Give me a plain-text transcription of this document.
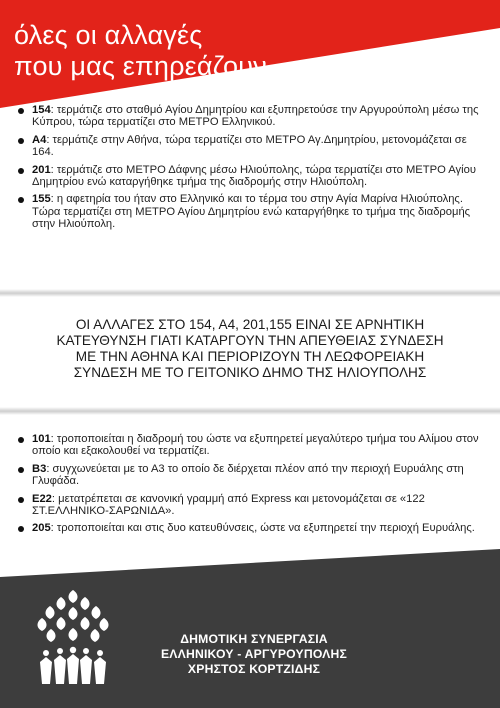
όλες οι αλλαγές
που μας επηρεάζουν
154: τερμάτιζε στο σταθμό Αγίου Δημητρίου και εξυπηρετούσε την Αργυρούπολη μέσω της Κύπρου, τώρα τερματίζει στο ΜΕΤΡΟ Ελληνικού.
Α4: τερμάτιζε στην Αθήνα, τώρα τερματίζει στο ΜΕΤΡΟ Αγ.Δημητρίου, μετονομάζεται σε 164.
201: τερμάτιζε στο ΜΕΤΡΟ Δάφνης μέσω Ηλιούπολης, τώρα τερματίζει στο ΜΕΤΡΟ Αγίου Δημητρίου ενώ καταργήθηκε τμήμα της διαδρομής στην Ηλιούπολη.
155: η αφετηρία του ήταν στο Ελληνικό και το τέρμα του στην Αγία Μαρίνα Ηλιούπολης. Τώρα τερματίζει στη ΜΕΤΡΟ Αγίου Δημητρίου ενώ καταργήθηκε το τμήμα της διαδρομής στην Ηλιούπολη.
ΟΙ ΑΛΛΑΓΕΣ ΣΤΟ 154, Α4, 201,155 ΕΙΝΑΙ ΣΕ ΑΡΝΗΤΙΚΗ
ΚΑΤΕΥΘΥΝΣΗ ΓΙΑΤΙ ΚΑΤΑΡΓΟΥΝ ΤΗΝ ΑΠΕΥΘΕΙΑΣ ΣΥΝΔΕΣΗ
ΜΕ ΤΗΝ ΑΘΗΝΑ ΚΑΙ ΠΕΡΙΟΡΙΖΟΥΝ ΤΗ ΛΕΩΦΟΡΕΙΑΚΗ
ΣΥΝΔΕΣΗ ΜΕ ΤΟ ΓΕΙΤΟΝΙΚΟ ΔΗΜΟ ΤΗΣ ΗΛΙΟΥΠΟΛΗΣ
101: τροποποιείται η διαδρομή του ώστε να εξυπηρετεί μεγαλύτερο τμήμα του Αλίμου στον οποίο και εξακολουθεί να τερματίζει.
Β3: συγχωνεύεται με το Α3 το οποίο δε διέρχεται πλέον από την περιοχή Ευρυάλης στη Γλυφάδα.
Ε22: μετατρέπεται σε κανονική γραμμή από Express και μετονομάζεται σε «122 ΣΤ.ΕΛΛΗΝΙΚΟ-ΣΑΡΩΝΙΔΑ».
205: τροποποιείται και στις δυο κατευθύνσεις, ώστε να εξυπηρετεί την περιοχή Ευρυάλης.
ΔΗΜΟΤΙΚΗ ΣΥΝΕΡΓΑΣΙΑ
ΕΛΛΗΝΙΚΟΥ - ΑΡΓΥΡΟΥΠΟΛΗΣ
ΧΡΗΣΤΟΣ ΚΟΡΤΖΙΔΗΣ
